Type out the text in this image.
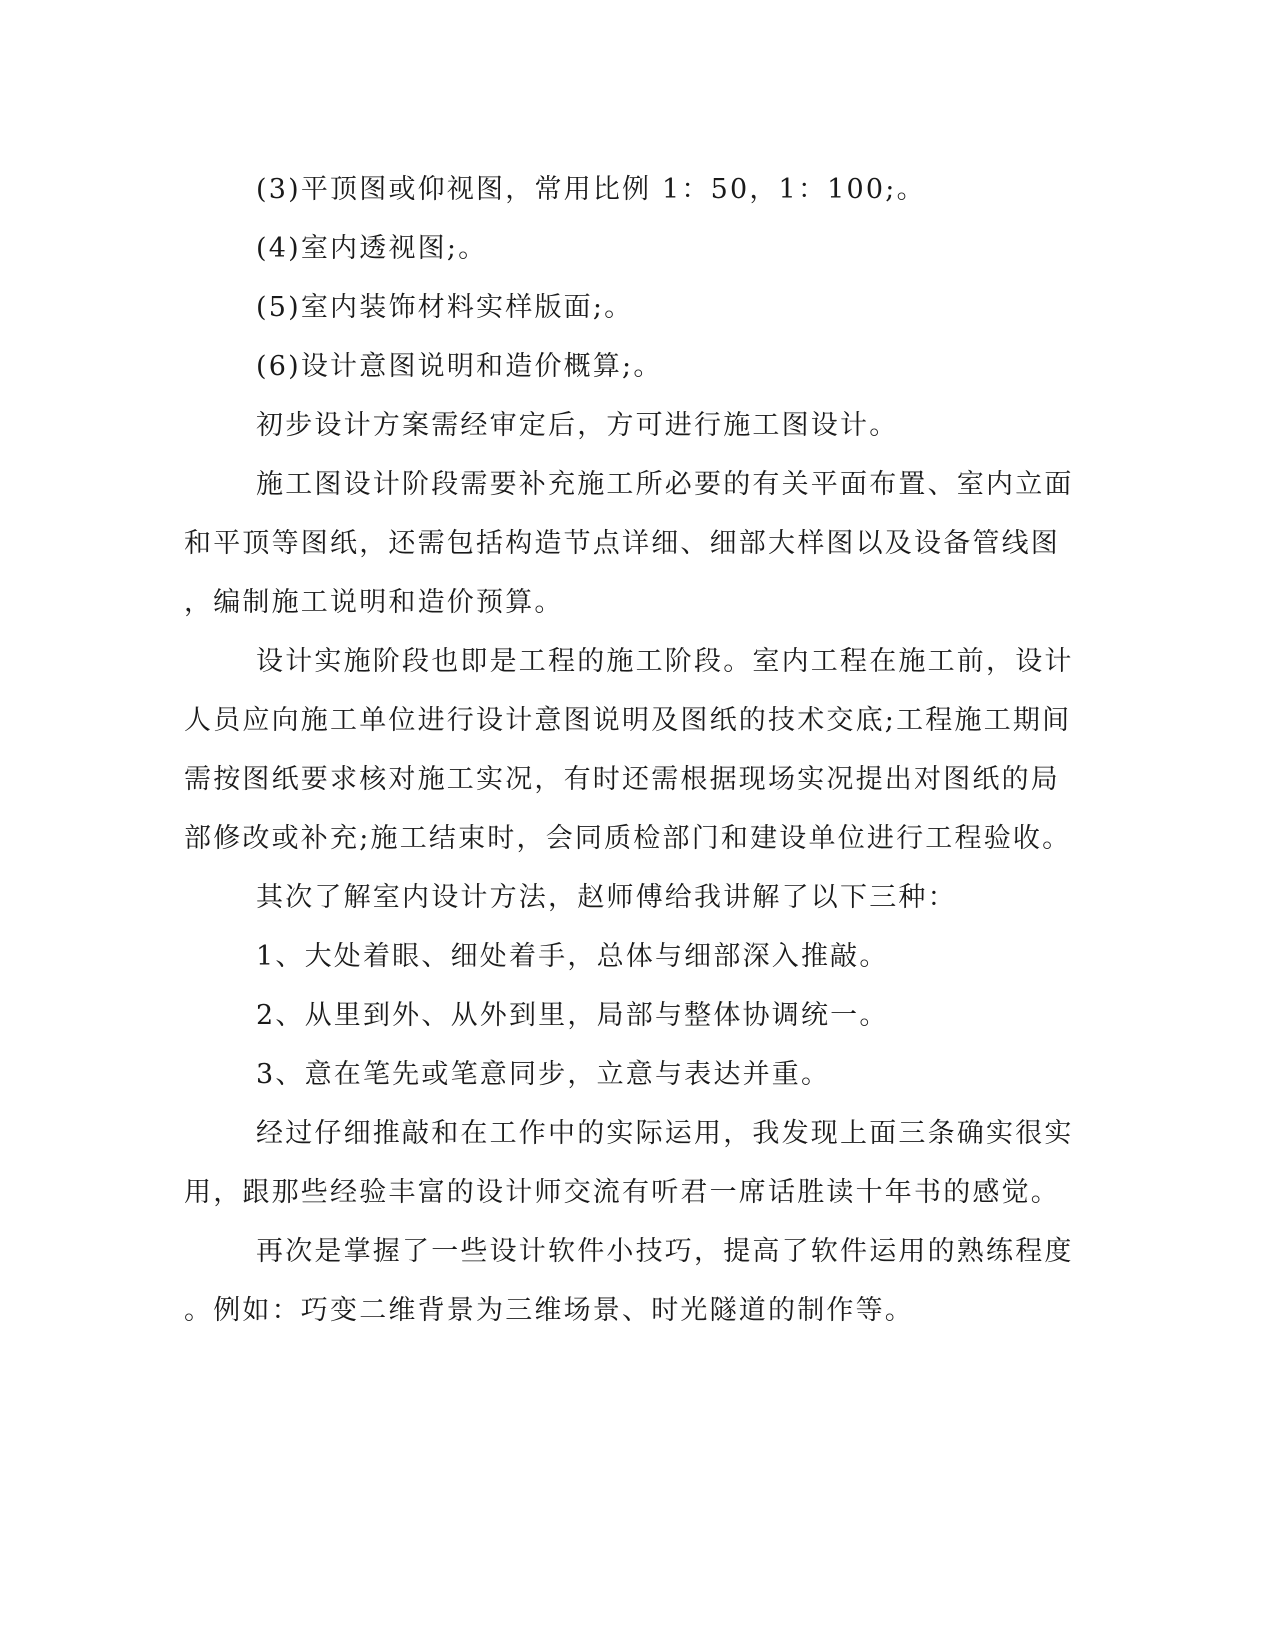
(3)平顶图或仰视图，常用比例 1：50，1：100;。

(4)室内透视图;。

(5)室内装饰材料实样版面;。

(6)设计意图说明和造价概算;。

初步设计方案需经审定后，方可进行施工图设计。

施工图设计阶段需要补充施工所必要的有关平面布置、室内立面
和平顶等图纸，还需包括构造节点详细、细部大样图以及设备管线图
，编制施工说明和造价预算。

设计实施阶段也即是工程的施工阶段。室内工程在施工前，设计
人员应向施工单位进行设计意图说明及图纸的技术交底;工程施工期间
需按图纸要求核对施工实况，有时还需根据现场实况提出对图纸的局
部修改或补充;施工结束时，会同质检部门和建设单位进行工程验收。

其次了解室内设计方法，赵师傅给我讲解了以下三种：

1、大处着眼、细处着手，总体与细部深入推敲。

2、从里到外、从外到里，局部与整体协调统一。

3、意在笔先或笔意同步，立意与表达并重。

经过仔细推敲和在工作中的实际运用，我发现上面三条确实很实
用，跟那些经验丰富的设计师交流有听君一席话胜读十年书的感觉。

再次是掌握了一些设计软件小技巧，提高了软件运用的熟练程度
。例如：巧变二维背景为三维场景、时光隧道的制作等。
